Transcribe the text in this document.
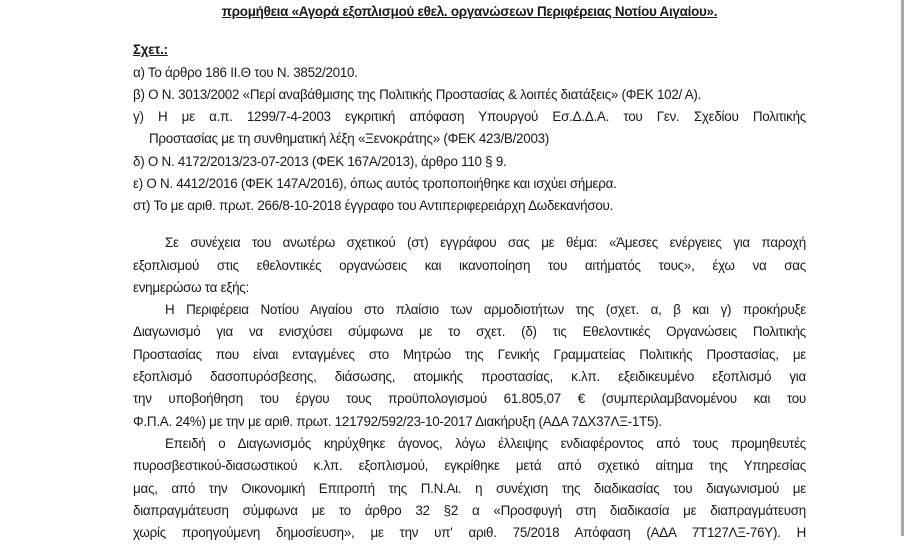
προμήθεια «Αγορά εξοπλισμού εθελ. οργανώσεων Περιφέρειας Νοτίου Αιγαίου».
Σχετ.:
α) Το άρθρο 186 ΙΙ.Θ του Ν. 3852/2010.
β) Ο Ν. 3013/2002 «Περί αναβάθμισης της Πολιτικής Προστασίας & λοιπές διατάξεις» (ΦΕΚ 102/ Α).
γ) Η με α.π. 1299/7-4-2003 εγκριτική απόφαση Υπουργού Εσ.Δ.Δ.Α. του Γεν. Σχεδίου Πολιτικής
Προστασίας με τη συνθηματική λέξη «Ξενοκράτης» (ΦΕΚ 423/Β/2003)
δ) Ο Ν. 4172/2013/23-07-2013 (ΦΕΚ 167Α/2013), άρθρο 110 § 9.
ε) Ο Ν. 4412/2016 (ΦΕΚ 147Α/2016), όπως αυτός τροποποιήθηκε και ισχύει σήμερα.
στ) Το με αριθ. πρωτ. 266/8-10-2018 έγγραφο του Αντιπεριφερειάρχη Δωδεκανήσου.
Σε συνέχεια του ανωτέρω σχετικού (στ) εγγράφου σας με θέμα: «Άμεσες ενέργειες για παροχή
εξοπλισμού στις εθελοντικές οργανώσεις και ικανοποίηση του αιτήματός τους», έχω να σας
ενημερώσω τα εξής:
Η Περιφέρεια Νοτίου Αιγαίου στο πλαίσιο των αρμοδιοτήτων της (σχετ. α, β και γ) προκήρυξε
Διαγωνισμό για να ενισχύσει σύμφωνα με το σχετ. (δ) τις Εθελοντικές Οργανώσεις Πολιτικής
Προστασίας που είναι ενταγμένες στο Μητρώο της Γενικής Γραμματείας Πολιτικής Προστασίας, με
εξοπλισμό δασοπυρόσβεσης, διάσωσης, ατομικής προστασίας, κ.λπ. εξειδικευμένο εξοπλισμό για
την υποβοήθηση του έργου τους προϋπολογισμού 61.805,07 € (συμπεριλαμβανομένου και του
Φ.Π.Α. 24%) με την με αριθ. πρωτ. 121792/592/23-10-2017 Διακήρυξη (ΑΔΑ 7ΔΧ37ΛΞ-1Τ5).
Επειδή ο Διαγωνισμός κηρύχθηκε άγονος, λόγω έλλειψης ενδιαφέροντος από τους προμηθευτές
πυροσβεστικού-διασωστικού κ.λπ. εξοπλισμού, εγκρίθηκε μετά από σχετικό αίτημα της Υπηρεσίας
μας, από την Οικονομική Επιτροπή της Π.Ν.Αι. η συνέχιση της διαδικασίας του διαγωνισμού με
διαπραγμάτευση σύμφωνα με το άρθρο 32 §2 α «Προσφυγή στη διαδικασία με διαπραγμάτευση
χωρίς προηγούμενη δημοσίευση», με την υπ' αριθ. 75/2018 Απόφαση (ΑΔΑ 7Τ127ΛΞ-76Υ). Η
